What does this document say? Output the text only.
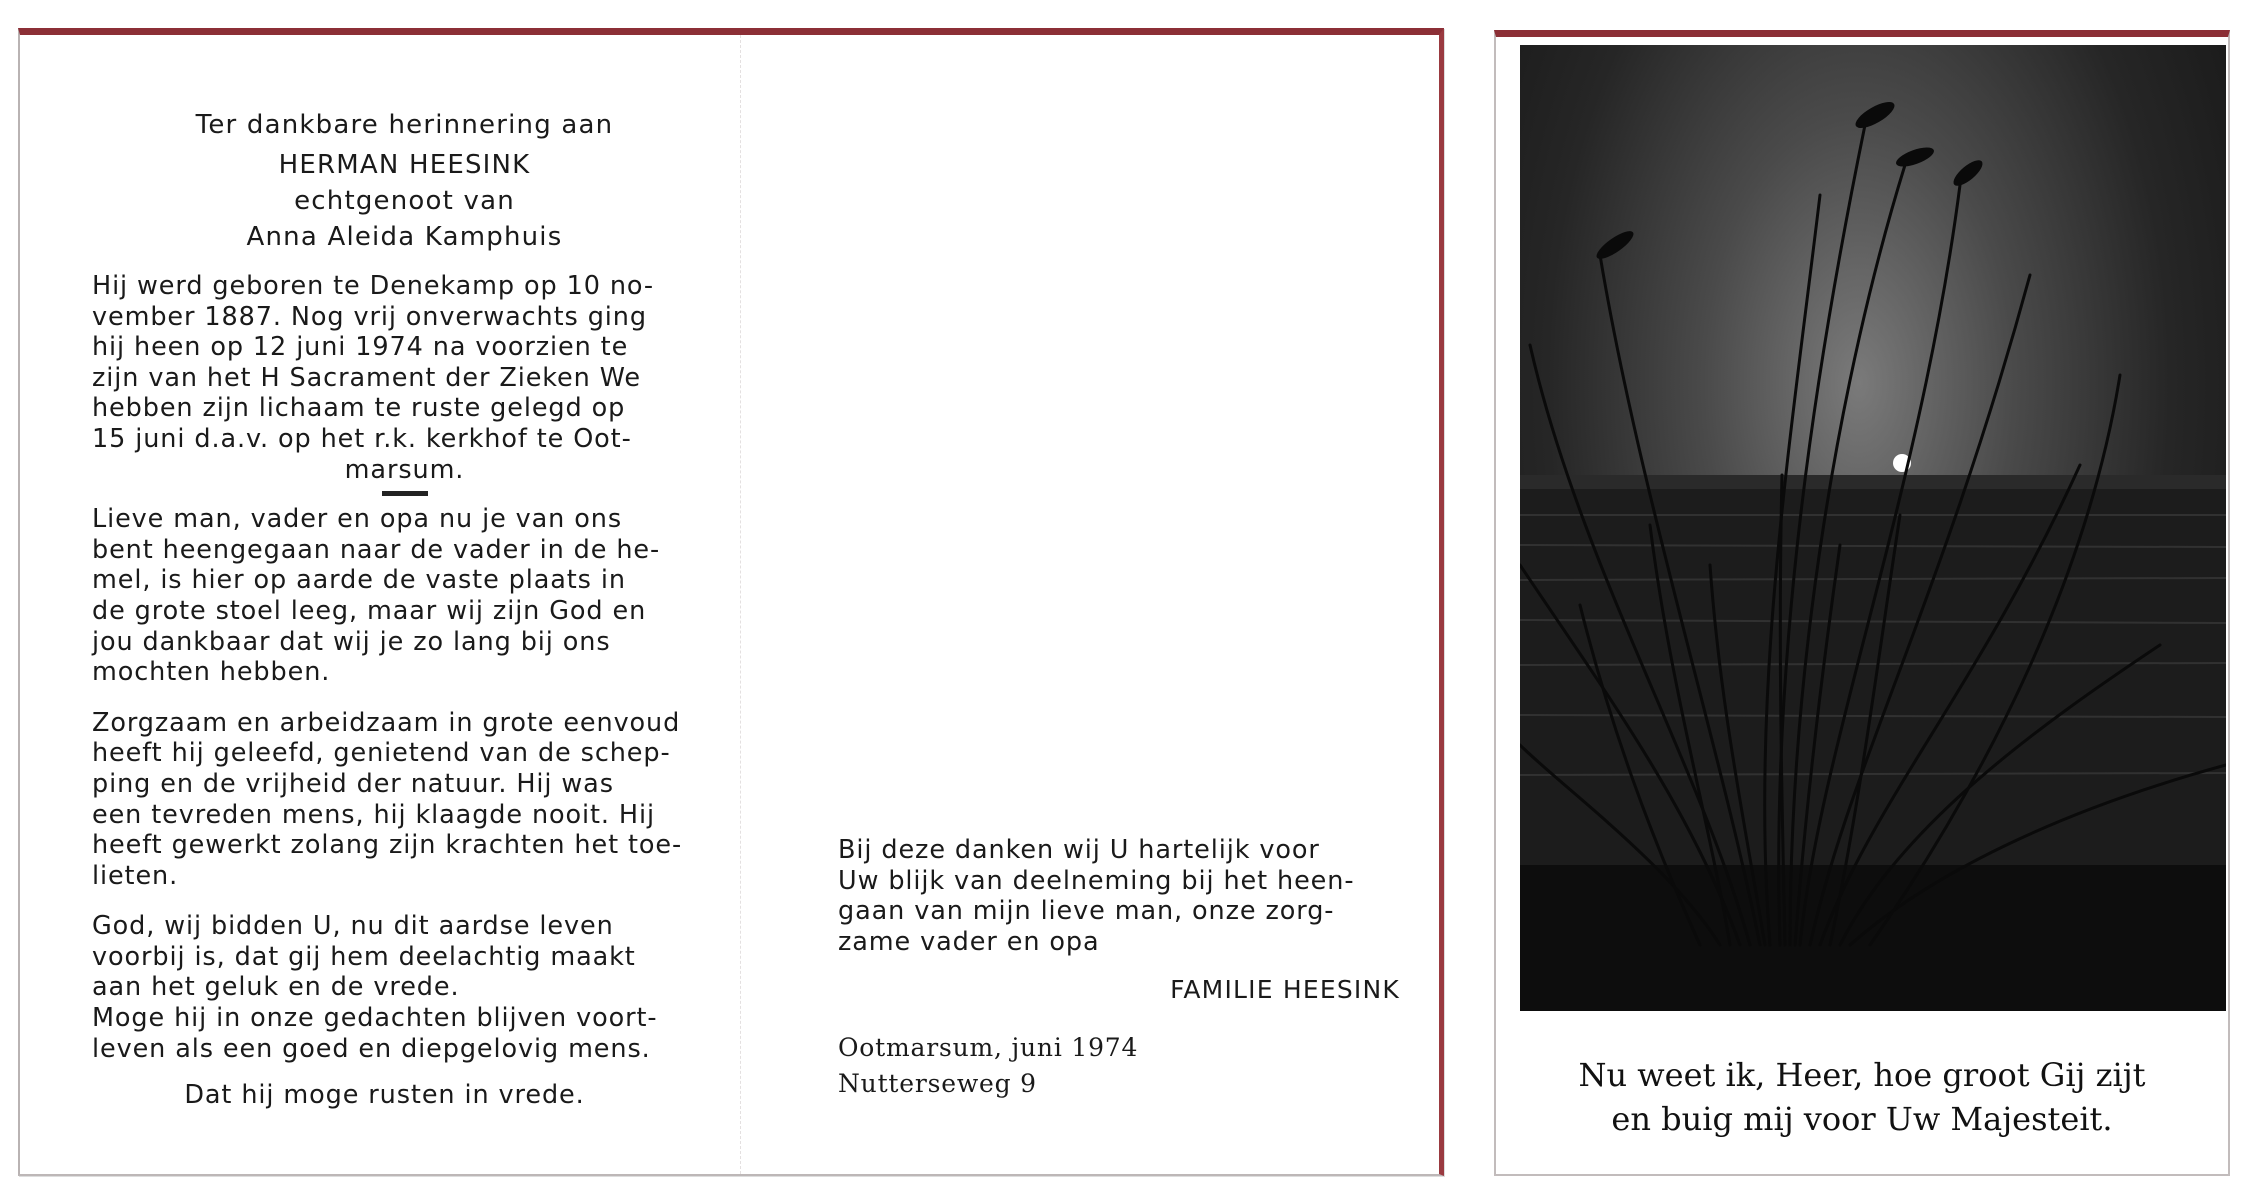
Ter dankbare herinnering aan
HERMAN HEESINK
echtgenoot van
Anna Aleida Kamphuis
Hij werd geboren te Denekamp op 10 no-
vember 1887. Nog vrij onverwachts ging
hij heen op 12 juni 1974 na voorzien te
zijn van het H Sacrament der Zieken We
hebben zijn lichaam te ruste gelegd op
15 juni d.a.v. op het r.k. kerkhof te Oot-
marsum.
Lieve man, vader en opa nu je van ons
bent heengegaan naar de vader in de he-
mel, is hier op aarde de vaste plaats in
de grote stoel leeg, maar wij zijn God en
jou dankbaar dat wij je zo lang bij ons
mochten hebben.
Zorgzaam en arbeidzaam in grote eenvoud
heeft hij geleefd, genietend van de schep-
ping en de vrijheid der natuur. Hij was
een tevreden mens, hij klaagde nooit. Hij
heeft gewerkt zolang zijn krachten het toe-
lieten.
God, wij bidden U, nu dit aardse leven
voorbij is, dat gij hem deelachtig maakt
aan het geluk en de vrede.
Moge hij in onze gedachten blijven voort-
leven als een goed en diepgelovig mens.
Dat hij moge rusten in vrede.
Bij deze danken wij U hartelijk voor
Uw blijk van deelneming bij het heen-
gaan van mijn lieve man, onze zorg-
zame vader en opa
FAMILIE HEESINK
Ootmarsum, juni 1974
Nutterseweg 9	Nu weet ik, Heer, hoe groot Gij zijt
en buig mij voor Uw Majesteit.
